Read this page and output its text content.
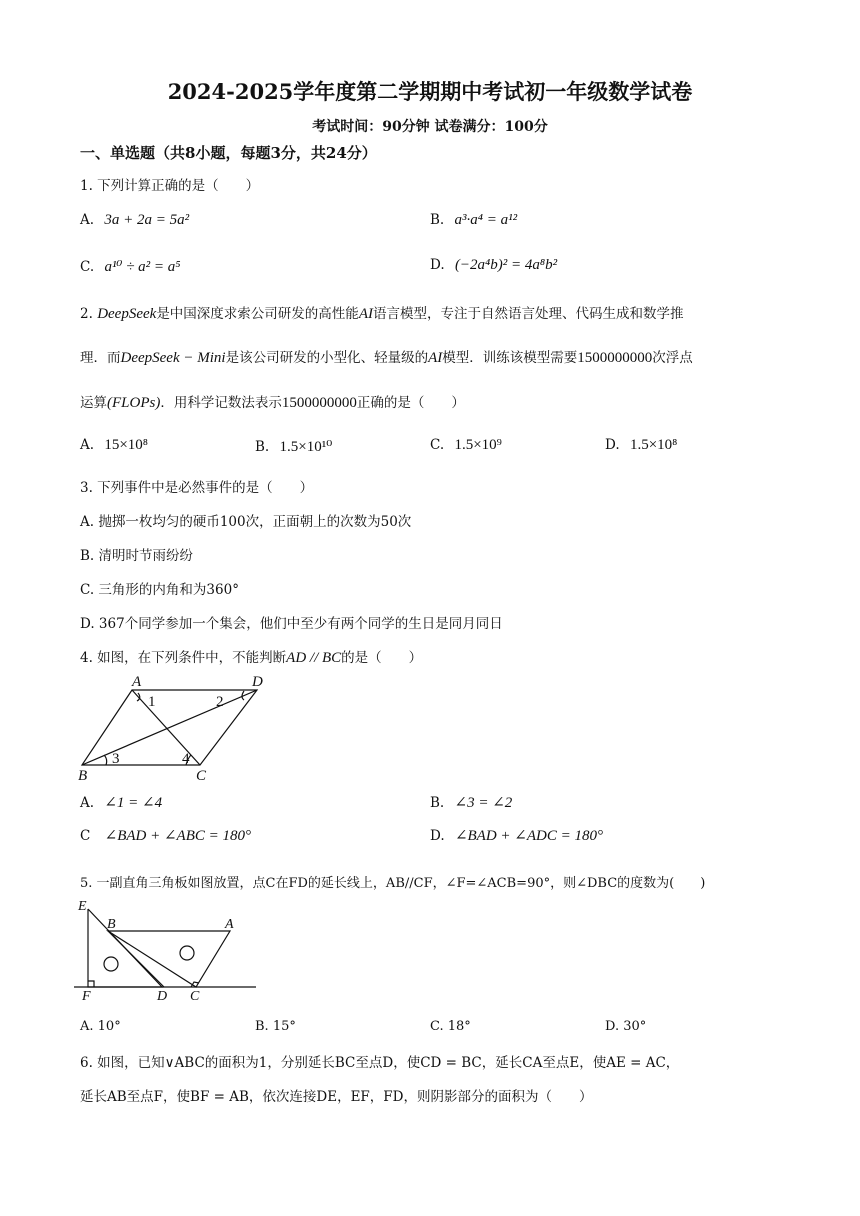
2024-2025学年度第二学期期中考试初一年级数学试卷
考试时间：90分钟 试卷满分：100分
一、单选题（共8小题，每题3分，共24分）
1. 下列计算正确的是（　　）
A. 3a + 2a = 5a²	B. a³·a⁴ = a¹²
C. a¹⁰ ÷ a² = a⁵	D. (−2a⁴b)² = 4a⁸b²
2. DeepSeek是中国深度求索公司研发的高性能AI语言模型，专注于自然语言处理、代码生成和数学推
理．而DeepSeek − Mini是该公司研发的小型化、轻量级的AI模型．训练该模型需要1500000000次浮点
运算(FLOPs)．用科学记数法表示1500000000正确的是（　　）
A. 15×10⁸	B. 1.5×10¹⁰	C. 1.5×10⁹	D. 1.5×10⁸
3. 下列事件中是必然事件的是（　　）
A. 抛掷一枚均匀的硬币100次，正面朝上的次数为50次
B. 清明时节雨纷纷
C. 三角形的内角和为360°
D. 367个同学参加一个集会，他们中至少有两个同学的生日是同月同日
4. 如图，在下列条件中，不能判断AD // BC的是（　　）
A	D
B	C
1	2
3	4
A. ∠1 = ∠4	B. ∠3 = ∠2
C ∠BAD + ∠ABC = 180°	D. ∠BAD + ∠ADC = 180°
5. 一副直角三角板如图放置，点C在FD的延长线上，AB//CF，∠F=∠ACB=90°，则∠DBC的度数为(　　)
E
B	A
F	D C
A. 10°	B. 15°	C. 18°	D. 30°
6. 如图，已知∨ABC的面积为1，分别延长BC至点D，使CD = BC，延长CA至点E，使AE = AC，
延长AB至点F，使BF = AB，依次连接DE，EF，FD，则阴影部分的面积为（　　）
